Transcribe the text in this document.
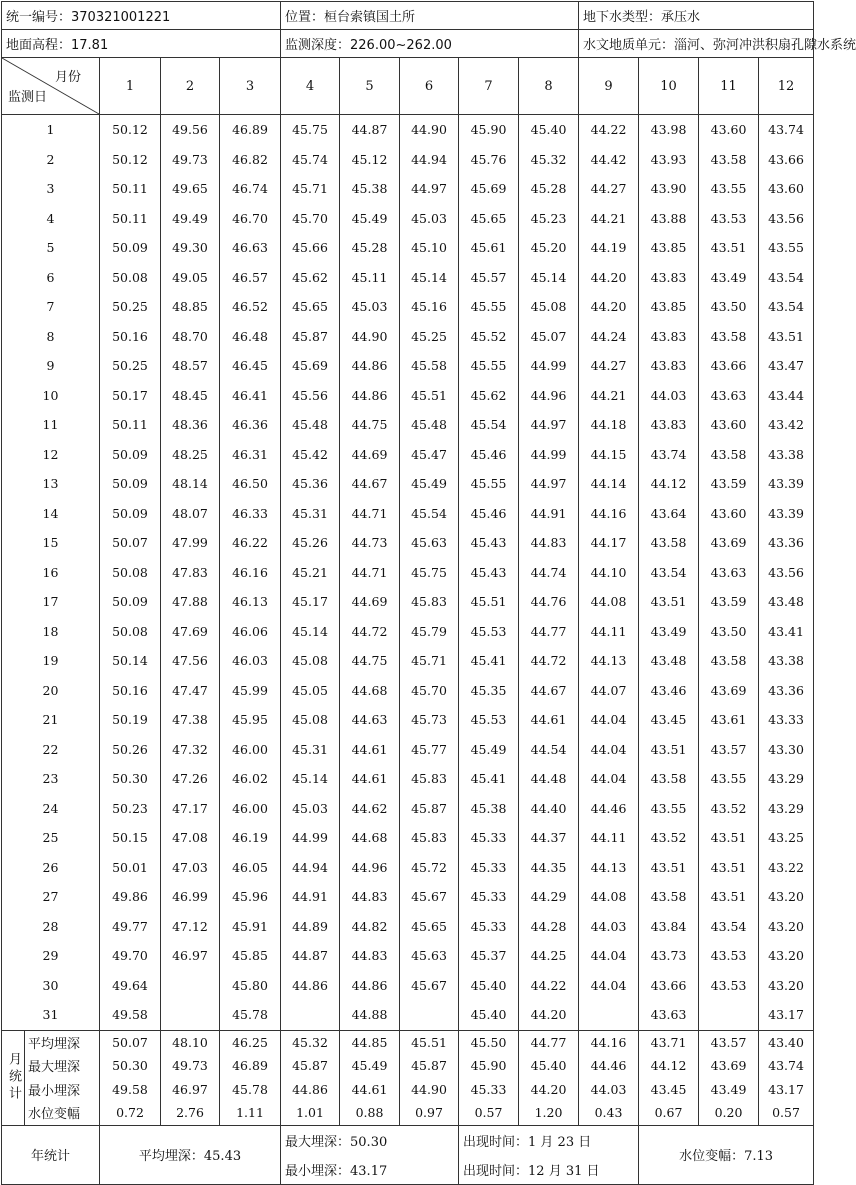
统一编号：370321001221				位置：桓台索镇国土所					地下水类型：承压水			
地面高程：17.81				监测深度：226.00~262.00					水文地质单元：淄河、弥河冲洪积扇孔隙水系统			

月份
监测日	1	2	3	4	5	6	7	8	9	10	11	12
1	50.12	49.56	46.89	45.75	44.87	44.90	45.90	45.40	44.22	43.98	43.60	43.74
2	50.12	49.73	46.82	45.74	45.12	44.94	45.76	45.32	44.42	43.93	43.58	43.66
3	50.11	49.65	46.74	45.71	45.38	44.97	45.69	45.28	44.27	43.90	43.55	43.60
4	50.11	49.49	46.70	45.70	45.49	45.03	45.65	45.23	44.21	43.88	43.53	43.56
5	50.09	49.30	46.63	45.66	45.28	45.10	45.61	45.20	44.19	43.85	43.51	43.55
6	50.08	49.05	46.57	45.62	45.11	45.14	45.57	45.14	44.20	43.83	43.49	43.54
7	50.25	48.85	46.52	45.65	45.03	45.16	45.55	45.08	44.20	43.85	43.50	43.54
8	50.16	48.70	46.48	45.87	44.90	45.25	45.52	45.07	44.24	43.83	43.58	43.51
9	50.25	48.57	46.45	45.69	44.86	45.58	45.55	44.99	44.27	43.83	43.66	43.47
10	50.17	48.45	46.41	45.56	44.86	45.51	45.62	44.96	44.21	44.03	43.63	43.44
11	50.11	48.36	46.36	45.48	44.75	45.48	45.54	44.97	44.18	43.83	43.60	43.42
12	50.09	48.25	46.31	45.42	44.69	45.47	45.46	44.99	44.15	43.74	43.58	43.38
13	50.09	48.14	46.50	45.36	44.67	45.49	45.55	44.97	44.14	44.12	43.59	43.39
14	50.09	48.07	46.33	45.31	44.71	45.54	45.46	44.91	44.16	43.64	43.60	43.39
15	50.07	47.99	46.22	45.26	44.73	45.63	45.43	44.83	44.17	43.58	43.69	43.36
16	50.08	47.83	46.16	45.21	44.71	45.75	45.43	44.74	44.10	43.54	43.63	43.56
17	50.09	47.88	46.13	45.17	44.69	45.83	45.51	44.76	44.08	43.51	43.59	43.48
18	50.08	47.69	46.06	45.14	44.72	45.79	45.53	44.77	44.11	43.49	43.50	43.41
19	50.14	47.56	46.03	45.08	44.75	45.71	45.41	44.72	44.13	43.48	43.58	43.38
20	50.16	47.47	45.99	45.05	44.68	45.70	45.35	44.67	44.07	43.46	43.69	43.36
21	50.19	47.38	45.95	45.08	44.63	45.73	45.53	44.61	44.04	43.45	43.61	43.33
22	50.26	47.32	46.00	45.31	44.61	45.77	45.49	44.54	44.04	43.51	43.57	43.30
23	50.30	47.26	46.02	45.14	44.61	45.83	45.41	44.48	44.04	43.58	43.55	43.29
24	50.23	47.17	46.00	45.03	44.62	45.87	45.38	44.40	44.46	43.55	43.52	43.29
25	50.15	47.08	46.19	44.99	44.68	45.83	45.33	44.37	44.11	43.52	43.51	43.25
26	50.01	47.03	46.05	44.94	44.96	45.72	45.33	44.35	44.13	43.51	43.51	43.22
27	49.86	46.99	45.96	44.91	44.83	45.67	45.33	44.29	44.08	43.58	43.51	43.20
28	49.77	47.12	45.91	44.89	44.82	45.65	45.33	44.28	44.03	43.84	43.54	43.20
29	49.70	46.97	45.85	44.87	44.83	45.63	45.37	44.25	44.04	43.73	43.53	43.20
30	49.64		45.80	44.86	44.86	45.67	45.40	44.22	44.04	43.66	43.53	43.20
31	49.58		45.78		44.88		45.40	44.20		43.63		43.17

平均埋深	50.07	48.10	46.25	45.32	44.85	45.51	45.50	44.77	44.16	43.71	43.57	43.40

最大埋深	50.30	49.73	46.89	45.87	45.49	45.87	45.90	45.40	44.46	44.12	43.69	43.74

最小埋深	49.58	46.97	45.78	44.86	44.61	44.90	45.33	44.20	44.03	43.45	43.49	43.17

水位变幅	0.72	2.76	1.11	1.01	0.88	0.97	0.57	1.20	0.43	0.67	0.20	0.57
年统计	平均埋深：45.43			最大埋深：50.30			出现时间：1 月 23 日			水位变幅：7.13		
				最小埋深：43.17			出现时间：12 月 31 日					
月统计
